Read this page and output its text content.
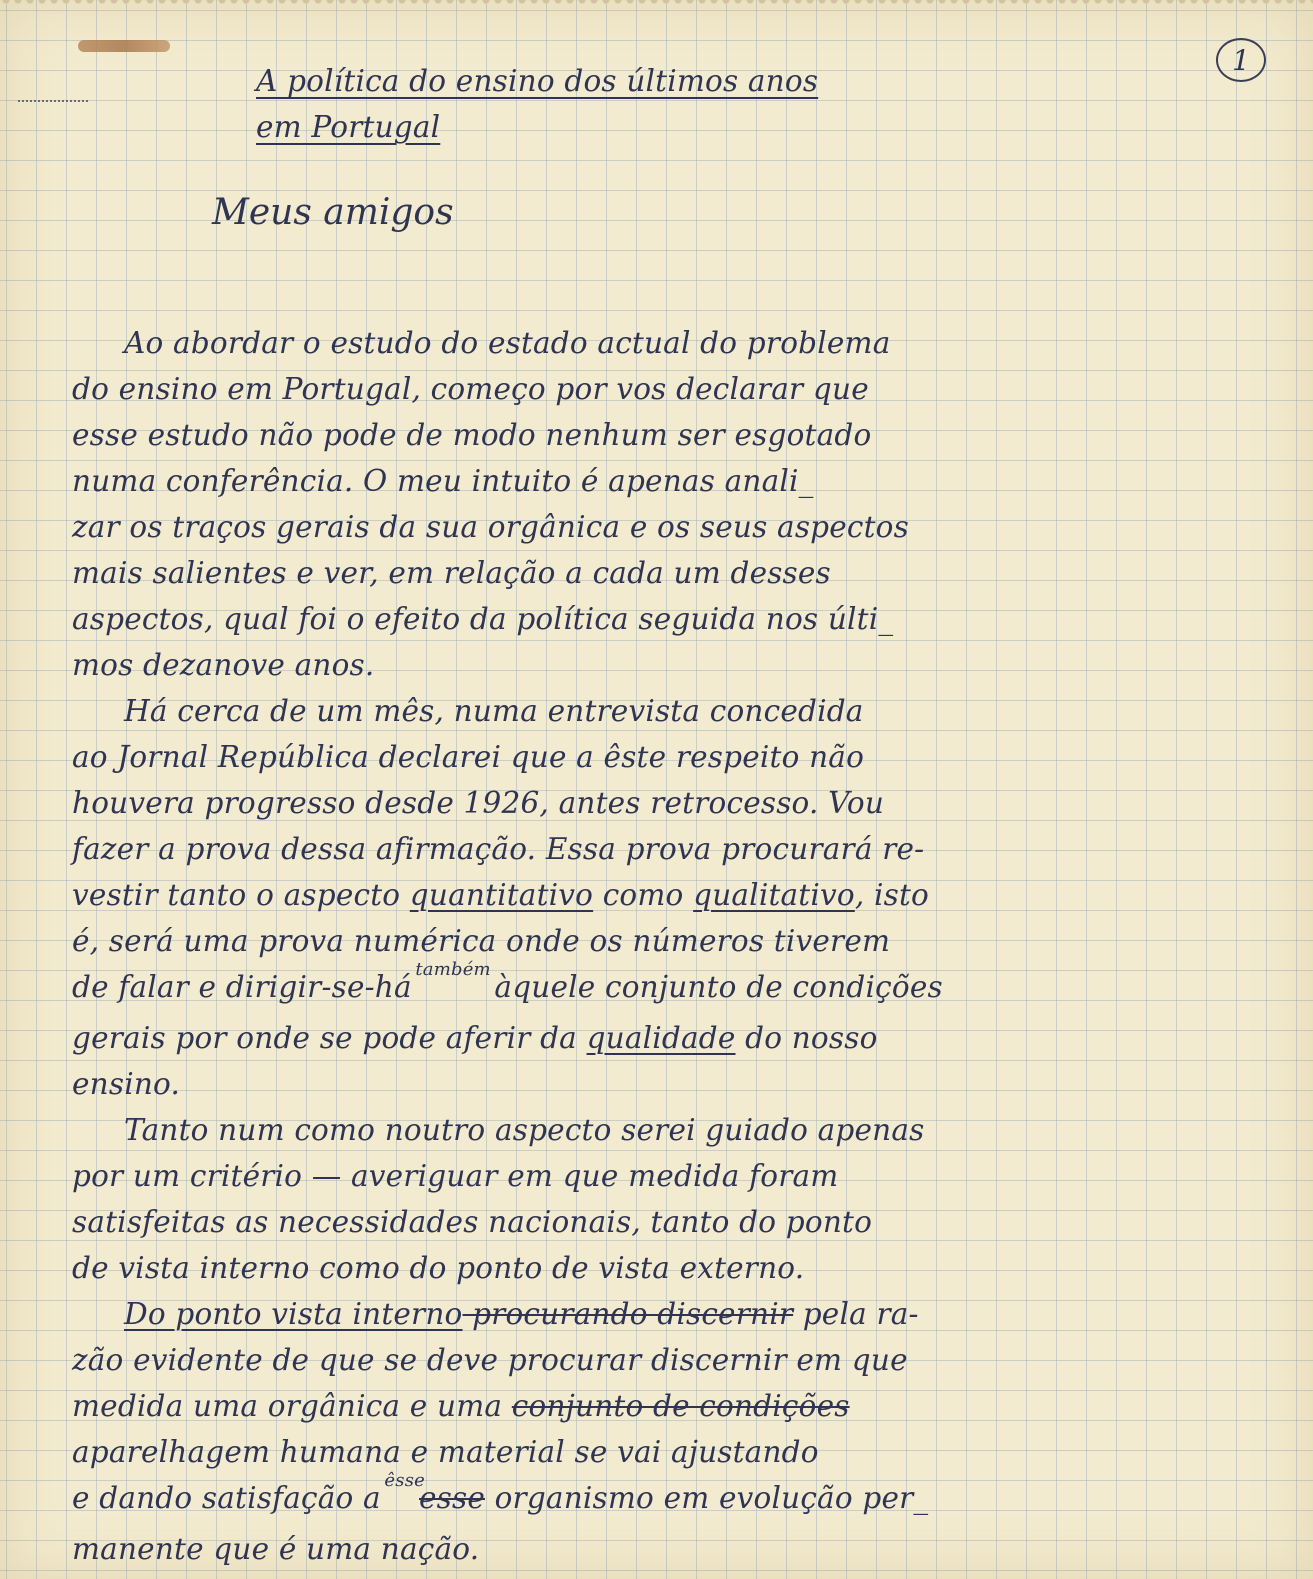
1
A política do ensino dos últimos anos
em Portugal
Meus amigos
Ao abordar o estudo do estado actual do problema
do ensino em Portugal, começo por vos declarar que
esse estudo não pode de modo nenhum ser esgotado
numa conferência. O meu intuito é apenas anali_
zar os traços gerais da sua orgânica e os seus aspectos
mais salientes e ver, em relação a cada um desses
aspectos, qual foi o efeito da política seguida nos últi_
mos dezanove anos.
Há cerca de um mês, numa entrevista concedida
ao Jornal República declarei que a êste respeito não
houvera progresso desde 1926, antes retrocesso. Vou
fazer a prova dessa afirmação. Essa prova procurará re-
vestir tanto o aspecto quantitativo como qualitativo, isto
é, será uma prova numérica onde os números tiverem
de falar e dirigir-se-há $^{também}$ àquele conjunto de condições
gerais por onde se pode aferir da qualidade do nosso
ensino.
Tanto num como noutro aspecto serei guiado apenas
por um critério — averiguar em que medida foram
satisfeitas as necessidades nacionais, tanto do ponto
de vista interno como do ponto de vista externo.
Do ponto vista interno procurando discernir pela ra-
zão evidente de que se deve procurar discernir em que
medida uma orgânica e uma conjunto de condições
aparelhagem humana e material se vai ajustando
e dando satisfação a $^{êsse}$esse organismo em evolução per_
manente que é uma nação.
